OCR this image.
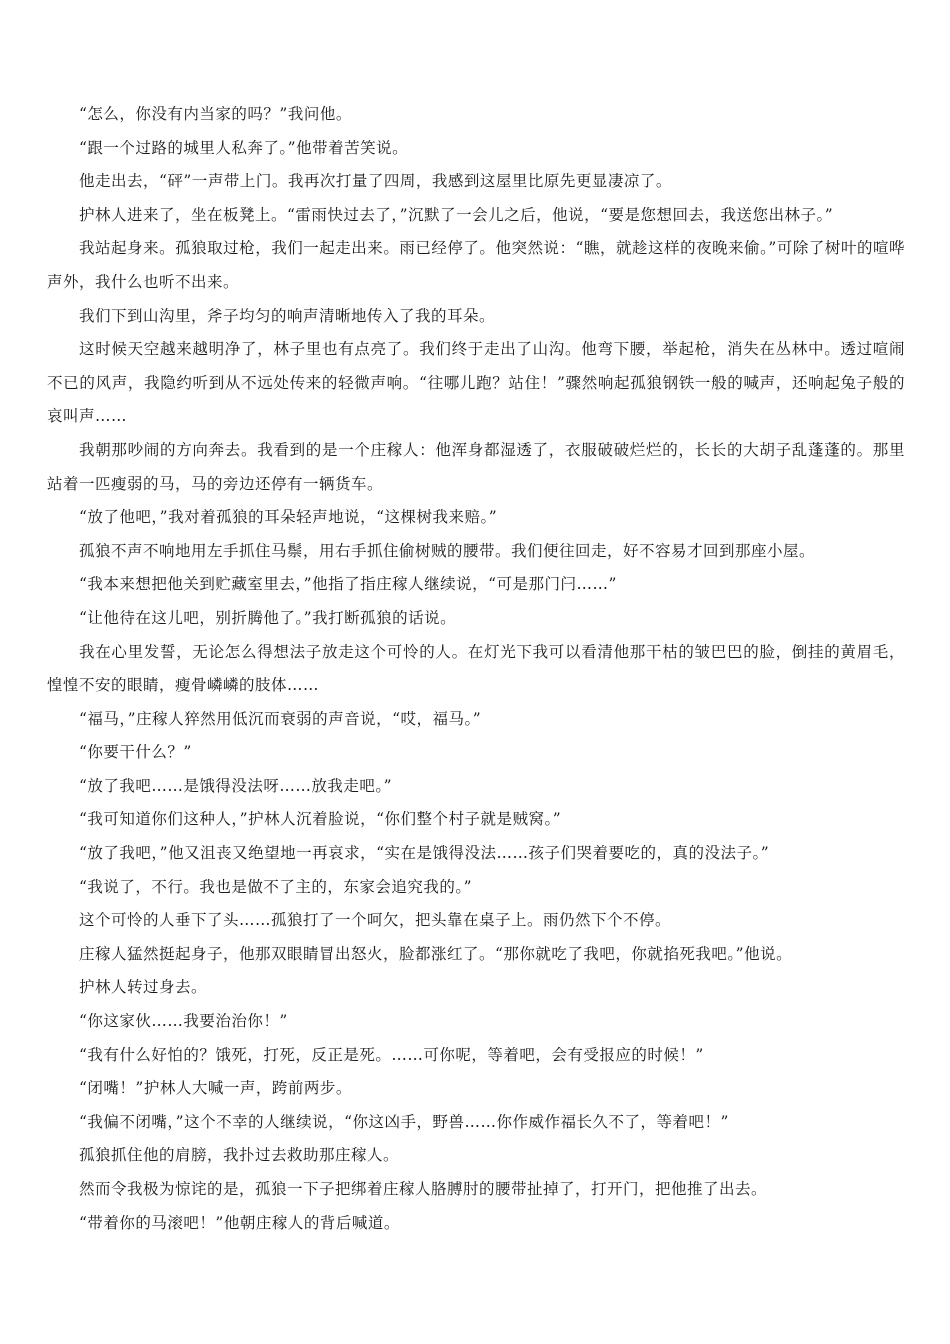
“怎么，你没有内当家的吗？”我问他。

“跟一个过路的城里人私奔了。”他带着苦笑说。

他走出去，“砰”一声带上门。我再次打量了四周，我感到这屋里比原先更显凄凉了。

护林人进来了，坐在板凳上。“雷雨快过去了，”沉默了一会儿之后，他说，“要是您想回去，我送您出林子。”

我站起身来。孤狼取过枪，我们一起走出来。雨已经停了。他突然说：“瞧，就趁这样的夜晚来偷。”可除了树叶的喧哗声外，我什么也听不出来。

我们下到山沟里，斧子均匀的响声清晰地传入了我的耳朵。

这时候天空越来越明净了，林子里也有点亮了。我们终于走出了山沟。他弯下腰，举起枪，消失在丛林中。透过喧闹不已的风声，我隐约听到从不远处传来的轻微声响。“往哪儿跑？站住！”骤然响起孤狼钢铁一般的喊声，还响起兔子般的哀叫声……

我朝那吵闹的方向奔去。我看到的是一个庄稼人：他浑身都湿透了，衣服破破烂烂的，长长的大胡子乱蓬蓬的。那里站着一匹瘦弱的马，马的旁边还停有一辆货车。

“放了他吧，”我对着孤狼的耳朵轻声地说，“这棵树我来赔。”

孤狼不声不响地用左手抓住马鬃，用右手抓住偷树贼的腰带。我们便往回走，好不容易才回到那座小屋。

“我本来想把他关到贮藏室里去，”他指了指庄稼人继续说，“可是那门闩……”

“让他待在这儿吧，别折腾他了。”我打断孤狼的话说。

我在心里发誓，无论怎么得想法子放走这个可怜的人。在灯光下我可以看清他那干枯的皱巴巴的脸，倒挂的黄眉毛，惶惶不安的眼睛，瘦骨嶙嶙的肢体……

“福马，”庄稼人猝然用低沉而衰弱的声音说，“哎，福马。”

“你要干什么？”

“放了我吧……是饿得没法呀……放我走吧。”

“我可知道你们这种人，”护林人沉着脸说，“你们整个村子就是贼窝。”

“放了我吧，”他又沮丧又绝望地一再哀求，“实在是饿得没法……孩子们哭着要吃的，真的没法子。”

“我说了，不行。我也是做不了主的，东家会追究我的。”

这个可怜的人垂下了头……孤狼打了一个呵欠，把头靠在桌子上。雨仍然下个不停。

庄稼人猛然挺起身子，他那双眼睛冒出怒火，脸都涨红了。“那你就吃了我吧，你就掐死我吧。”他说。

护林人转过身去。

“你这家伙……我要治治你！”

“我有什么好怕的？饿死，打死，反正是死。……可你呢，等着吧，会有受报应的时候！”

“闭嘴！”护林人大喊一声，跨前两步。

“我偏不闭嘴，”这个不幸的人继续说，“你这凶手，野兽……你作威作福长久不了，等着吧！”

孤狼抓住他的肩膀，我扑过去救助那庄稼人。

然而令我极为惊诧的是，孤狼一下子把绑着庄稼人胳膊肘的腰带扯掉了，打开门，把他推了出去。

“带着你的马滚吧！”他朝庄稼人的背后喊道。
